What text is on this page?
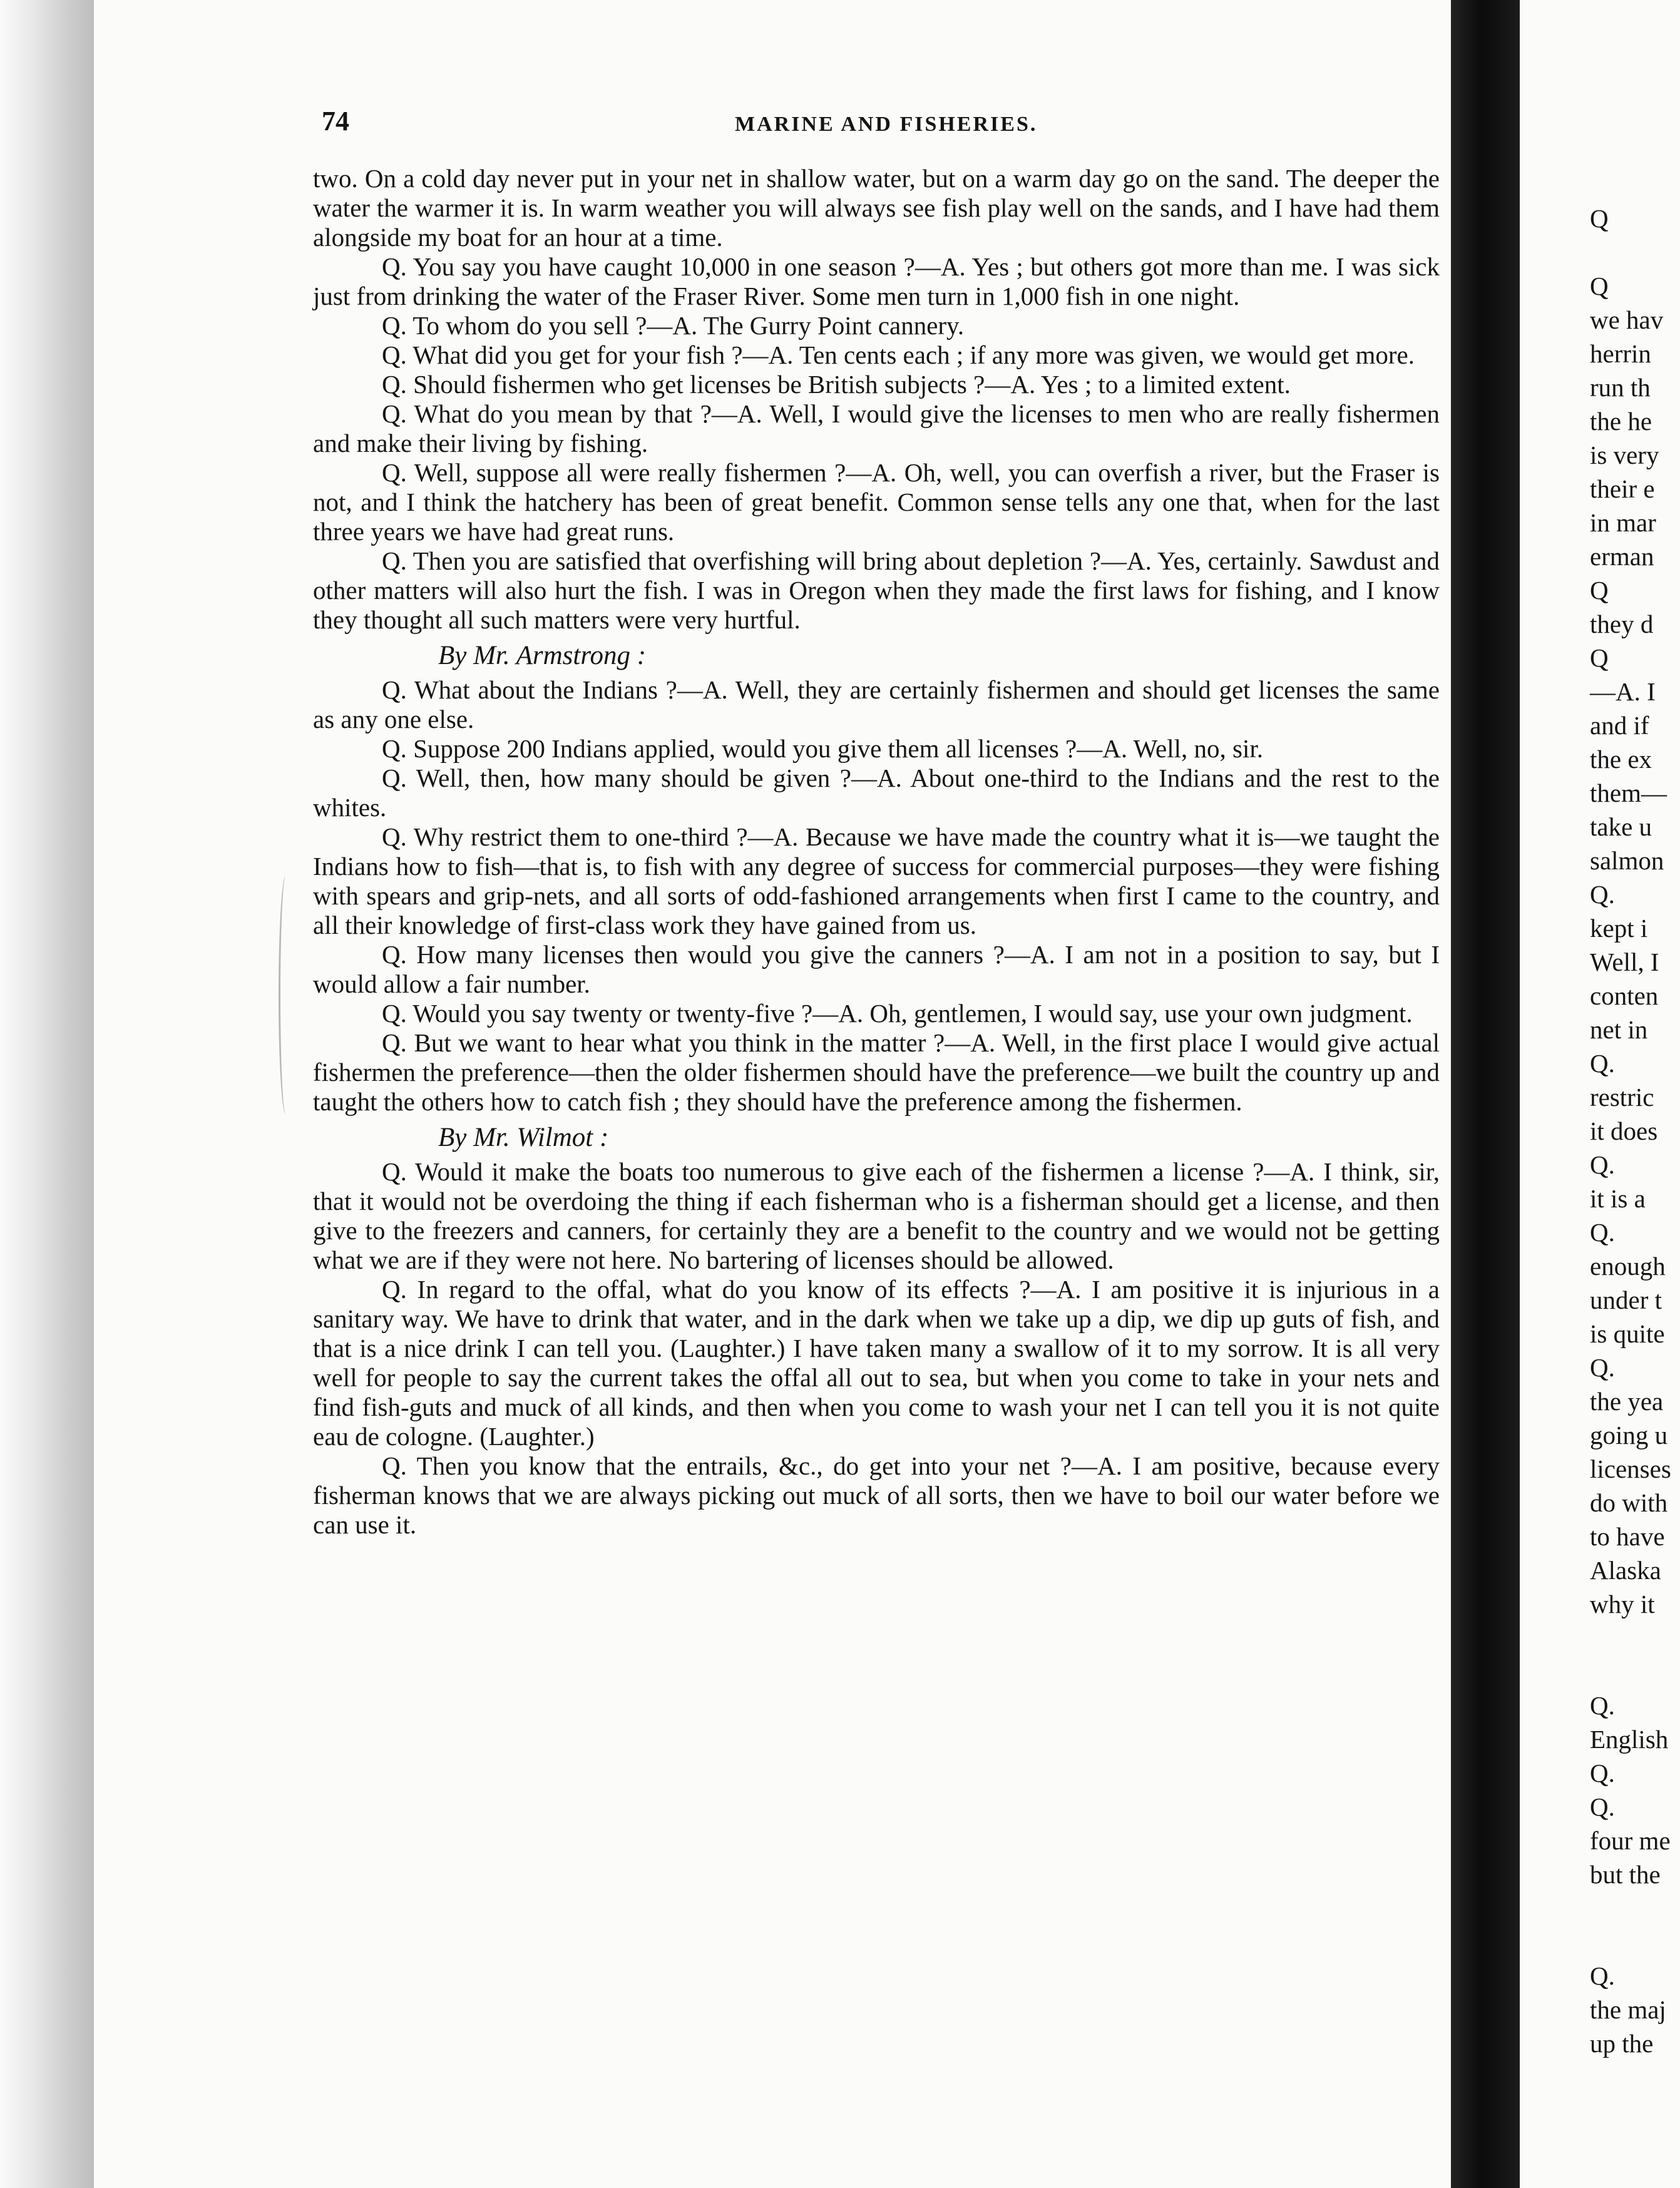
74	MARINE AND FISHERIES.

two. On a cold day never put in your net in shallow water, but on a warm day go on the sand. The deeper the water the warmer it is. In warm weather you will always see fish play well on the sands, and I have had them alongside my boat for an hour at a time.

Q. You say you have caught 10,000 in one season ?—A. Yes ; but others got more than me. I was sick just from drinking the water of the Fraser River. Some men turn in 1,000 fish in one night.

Q. To whom do you sell ?—A. The Gurry Point cannery.

Q. What did you get for your fish ?—A. Ten cents each ; if any more was given, we would get more.

Q. Should fishermen who get licenses be British subjects ?—A. Yes ; to a limited extent.

Q. What do you mean by that ?—A. Well, I would give the licenses to men who are really fishermen and make their living by fishing.

Q. Well, suppose all were really fishermen ?—A. Oh, well, you can overfish a river, but the Fraser is not, and I think the hatchery has been of great benefit. Common sense tells any one that, when for the last three years we have had great runs.

Q. Then you are satisfied that overfishing will bring about depletion ?—A. Yes, certainly. Sawdust and other matters will also hurt the fish. I was in Oregon when they made the first laws for fishing, and I know they thought all such matters were very hurtful.

By Mr. Armstrong :

Q. What about the Indians ?—A. Well, they are certainly fishermen and should get licenses the same as any one else.

Q. Suppose 200 Indians applied, would you give them all licenses ?—A. Well, no, sir.

Q. Well, then, how many should be given ?—A. About one-third to the Indians and the rest to the whites.

Q. Why restrict them to one-third ?—A. Because we have made the country what it is—we taught the Indians how to fish—that is, to fish with any degree of success for commercial purposes—they were fishing with spears and grip-nets, and all sorts of odd-fashioned arrangements when first I came to the country, and all their knowledge of first-class work they have gained from us.

Q. How many licenses then would you give the canners ?—A. I am not in a position to say, but I would allow a fair number.

Q. Would you say twenty or twenty-five ?—A. Oh, gentlemen, I would say, use your own judgment.

Q. But we want to hear what you think in the matter ?—A. Well, in the first place I would give actual fishermen the preference—then the older fishermen should have the preference—we built the country up and taught the others how to catch fish ; they should have the preference among the fishermen.

By Mr. Wilmot :

Q. Would it make the boats too numerous to give each of the fishermen a license ?—A. I think, sir, that it would not be overdoing the thing if each fisherman who is a fisherman should get a license, and then give to the freezers and canners, for certainly they are a benefit to the country and we would not be getting what we are if they were not here. No bartering of licenses should be allowed.

Q. In regard to the offal, what do you know of its effects ?—A. I am positive it is injurious in a sanitary way. We have to drink that water, and in the dark when we take up a dip, we dip up guts of fish, and that is a nice drink I can tell you. (Laughter.) I have taken many a swallow of it to my sorrow. It is all very well for people to say the current takes the offal all out to sea, but when you come to take in your nets and find fish-guts and muck of all kinds, and then when you come to wash your net I can tell you it is not quite eau de cologne. (Laughter.)

Q. Then you know that the entrails, &c., do get into your net ?—A. I am positive, because every fisherman knows that we are always picking out muck of all sorts, then we have to boil our water before we can use it.

Q
Q
we hav
herrin
run th
the he
is very
their e
in mar
erman
Q
they d
Q
—A. I
and if
the ex
them—
take u
salmon
Q.
kept i
Well, I
conten
net in
Q.
restric
it does
Q.
it is a
Q.
enough
under t
is quite
Q.
the yea
going u
licenses
do with
to have
Alaska
why it
Q.
English
Q.
Q.
four me
but the
Q.
the maj
up the
